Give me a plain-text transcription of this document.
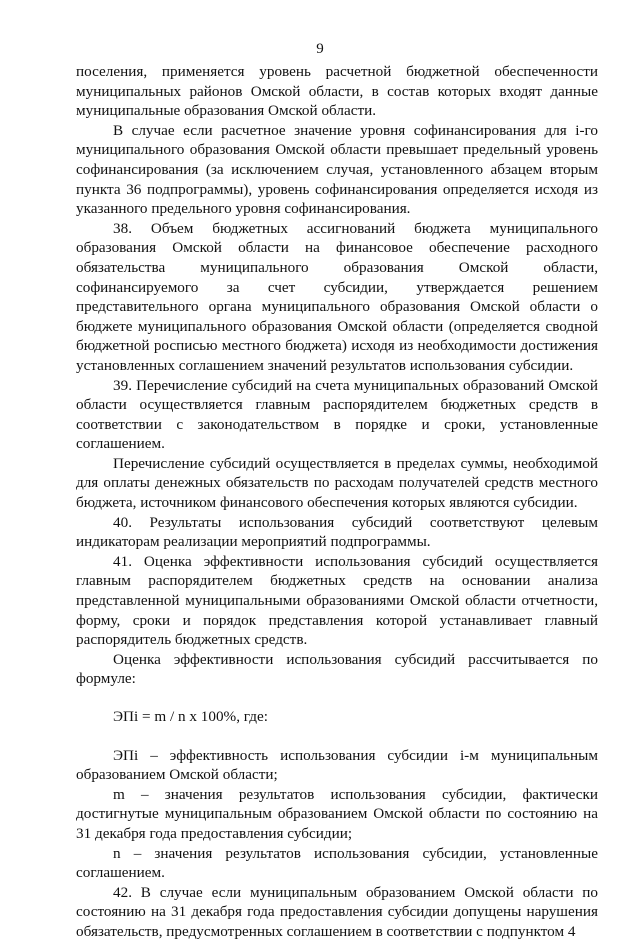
9

поселения, применяется уровень расчетной бюджетной обеспеченности муниципальных районов Омской области, в состав которых входят данные муниципальные образования Омской области.

В случае если расчетное значение уровня софинансирования для i-го муниципального образования Омской области превышает предельный уровень софинансирования (за исключением случая, установленного абзацем вторым пункта 36 подпрограммы), уровень софинансирования определяется исходя из указанного предельного уровня софинансирования.

38. Объем бюджетных ассигнований бюджета муниципального образования Омской области на финансовое обеспечение расходного обязательства муниципального образования Омской области, софинансируемого за счет субсидии, утверждается решением представительного органа муниципального образования Омской области о бюджете муниципального образования Омской области (определяется сводной бюджетной росписью местного бюджета) исходя из необходимости достижения установленных соглашением значений результатов использования субсидии.

39. Перечисление субсидий на счета муниципальных образований Омской области осуществляется главным распорядителем бюджетных средств в соответствии с законодательством в порядке и сроки, установленные соглашением.

Перечисление субсидий осуществляется в пределах суммы, необходимой для оплаты денежных обязательств по расходам получателей средств местного бюджета, источником финансового обеспечения которых являются субсидии.

40. Результаты использования субсидий соответствуют целевым индикаторам реализации мероприятий подпрограммы.

41. Оценка эффективности использования субсидий осуществляется главным распорядителем бюджетных средств на основании анализа представленной муниципальными образованиями Омской области отчетности, форму, сроки и порядок представления которой устанавливает главный распорядитель бюджетных средств.

Оценка эффективности использования субсидий рассчитывается по формуле:

ЭПi = m / n x 100%, где:

ЭПi – эффективность использования субсидии i-м муниципальным образованием Омской области;

m – значения результатов использования субсидии, фактически достигнутые муниципальным образованием Омской области по состоянию на 31 декабря года предоставления субсидии;

n – значения результатов использования субсидии, установленные соглашением.

42. В случае если муниципальным образованием Омской области по состоянию на 31 декабря года предоставления субсидии допущены нарушения обязательств, предусмотренных соглашением в соответствии с подпунктом 4
